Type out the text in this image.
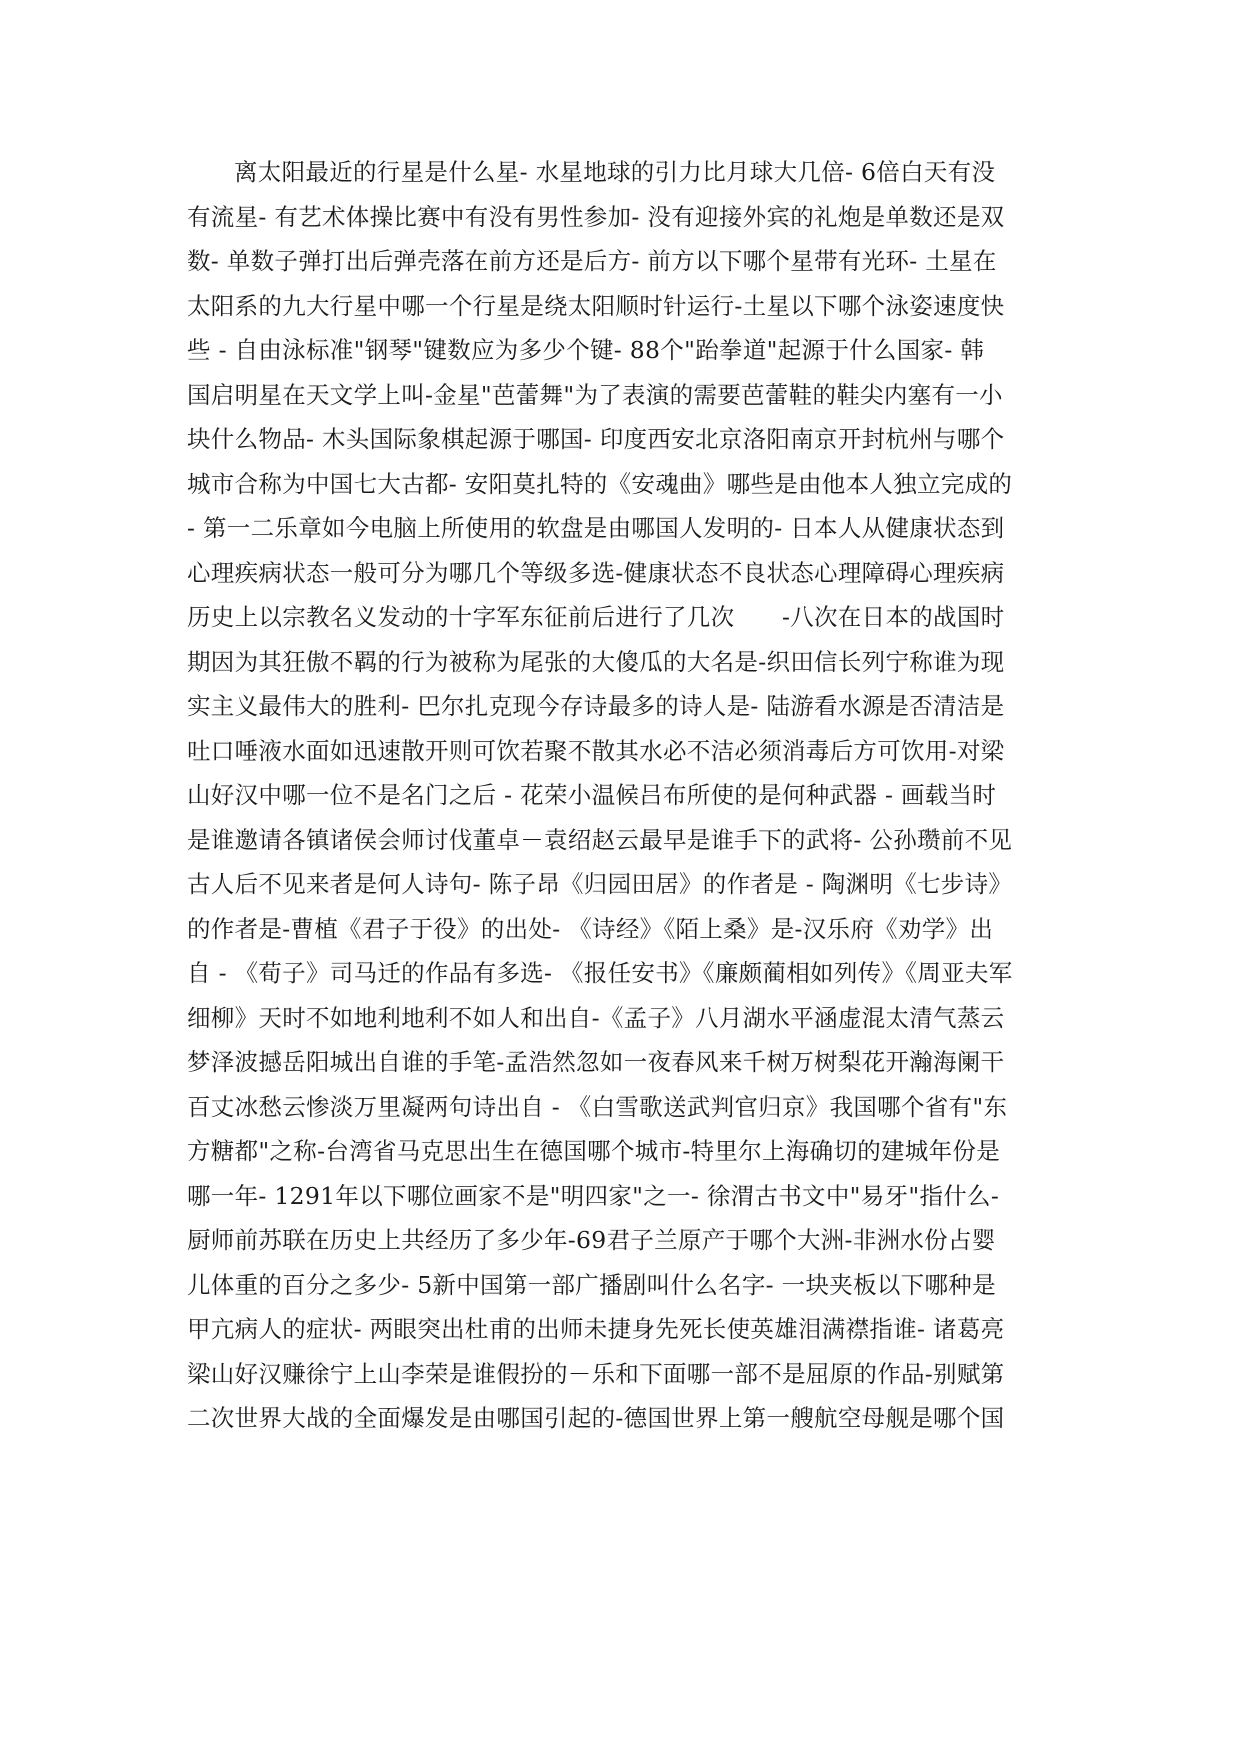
离太阳最近的行星是什么星- 水星地球的引力比月球大几倍- 6倍白天有没
有流星- 有艺术体操比赛中有没有男性参加- 没有迎接外宾的礼炮是单数还是双
数- 单数子弹打出后弹壳落在前方还是后方- 前方以下哪个星带有光环- 土星在
太阳系的九大行星中哪一个行星是绕太阳顺时针运行-土星以下哪个泳姿速度快
些 - 自由泳标准"钢琴"键数应为多少个键- 88个"跆拳道"起源于什么国家- 韩
国启明星在天文学上叫-金星"芭蕾舞"为了表演的需要芭蕾鞋的鞋尖内塞有一小
块什么物品- 木头国际象棋起源于哪国- 印度西安北京洛阳南京开封杭州与哪个
城市合称为中国七大古都- 安阳莫扎特的《安魂曲》哪些是由他本人独立完成的
- 第一二乐章如今电脑上所使用的软盘是由哪国人发明的- 日本人从健康状态到
心理疾病状态一般可分为哪几个等级多选-健康状态不良状态心理障碍心理疾病
历史上以宗教名义发动的十字军东征前后进行了几次　　-八次在日本的战国时
期因为其狂傲不羁的行为被称为尾张的大傻瓜的大名是-织田信长列宁称谁为现
实主义最伟大的胜利- 巴尔扎克现今存诗最多的诗人是- 陆游看水源是否清洁是
吐口唾液水面如迅速散开则可饮若聚不散其水必不洁必须消毒后方可饮用-对梁
山好汉中哪一位不是名门之后 - 花荣小温候吕布所使的是何种武器 - 画载当时
是谁邀请各镇诸侯会师讨伐董卓－袁绍赵云最早是谁手下的武将- 公孙瓒前不见
古人后不见来者是何人诗句- 陈子昂《归园田居》的作者是 - 陶渊明《七步诗》
的作者是-曹植《君子于役》的出处- 《诗经》《陌上桑》是-汉乐府《劝学》出
自 - 《荀子》司马迁的作品有多选- 《报任安书》《廉颇蔺相如列传》《周亚夫军
细柳》天时不如地利地利不如人和出自-《孟子》八月湖水平涵虚混太清气蒸云
梦泽波撼岳阳城出自谁的手笔-孟浩然忽如一夜春风来千树万树梨花开瀚海阑干
百丈冰愁云惨淡万里凝两句诗出自 - 《白雪歌送武判官归京》我国哪个省有"东
方糖都"之称-台湾省马克思出生在德国哪个城市-特里尔上海确切的建城年份是
哪一年- 1291年以下哪位画家不是"明四家"之一- 徐渭古书文中"易牙"指什么-
厨师前苏联在历史上共经历了多少年-69君子兰原产于哪个大洲-非洲水份占婴
儿体重的百分之多少- 5新中国第一部广播剧叫什么名字- 一块夹板以下哪种是
甲亢病人的症状- 两眼突出杜甫的出师未捷身先死长使英雄泪满襟指谁- 诸葛亮
梁山好汉赚徐宁上山李荣是谁假扮的－乐和下面哪一部不是屈原的作品-别赋第
二次世界大战的全面爆发是由哪国引起的-德国世界上第一艘航空母舰是哪个国
